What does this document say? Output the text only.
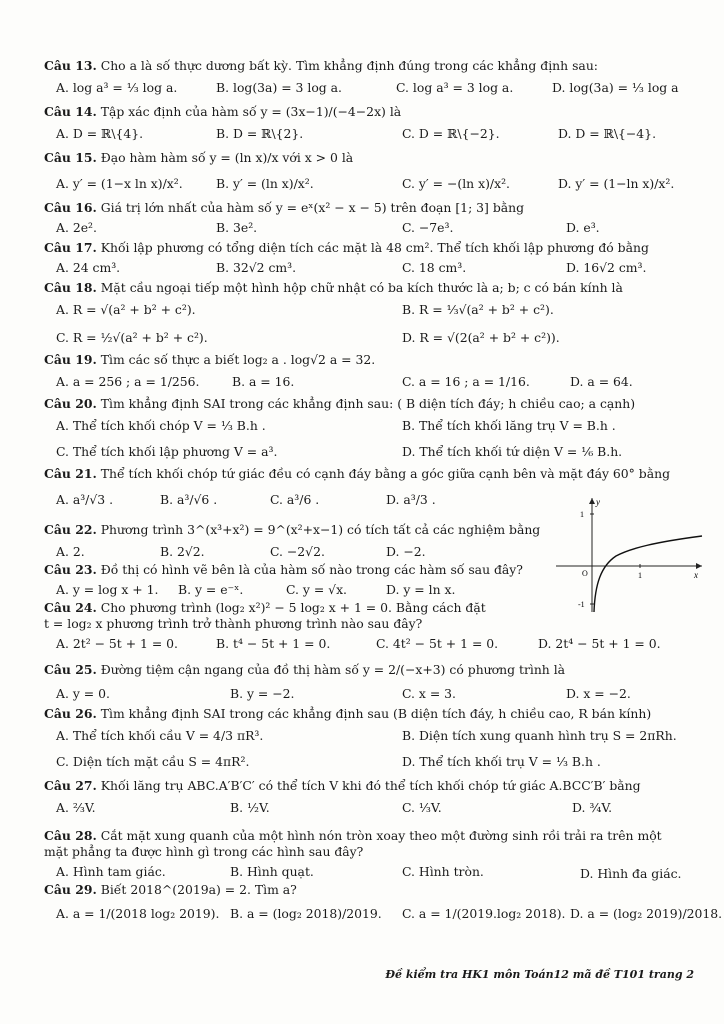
Câu 13. Cho a là số thực dương bất kỳ. Tìm khẳng định đúng trong các khẳng định sau:
A. log a³ = ⅓ log a.	B. log(3a) = 3 log a.	C. log a³ = 3 log a.	D. log(3a) = ⅓ log a
Câu 14. Tập xác định của hàm số y = (3x−1)/(−4−2x) là
A. D = ℝ\{4}.	B. D = ℝ\{2}.	C. D = ℝ\{−2}.	D. D = ℝ\{−4}.
Câu 15. Đạo hàm hàm số y = (ln x)/x với x > 0 là
A. y′ = (1−x ln x)/x².	B. y′ = (ln x)/x².	C. y′ = −(ln x)/x².	D. y′ = (1−ln x)/x².
Câu 16. Giá trị lớn nhất của hàm số y = eˣ(x² − x − 5) trên đoạn [1; 3] bằng
A. 2e².	B. 3e².	C. −7e³.	D. e³.
Câu 17. Khối lập phương có tổng diện tích các mặt là 48 cm². Thể tích khối lập phương đó bằng
A. 24 cm³.	B. 32√2 cm³.	C. 18 cm³.	D. 16√2 cm³.
Câu 18. Mặt cầu ngoại tiếp một hình hộp chữ nhật có ba kích thước là a; b; c có bán kính là
A. R = √(a² + b² + c²).	B. R = ⅓√(a² + b² + c²).
C. R = ½√(a² + b² + c²).	D. R = √(2(a² + b² + c²)).
Câu 19. Tìm các số thực a biết log₂ a . log√2 a = 32.
A. a = 256 ; a = 1/256.	B. a = 16.	C. a = 16 ; a = 1/16.	D. a = 64.
Câu 20. Tìm khẳng định SAI trong các khẳng định sau: ( B diện tích đáy; h chiều cao; a cạnh)
A. Thể tích khối chóp V = ⅓ B.h .	B. Thể tích khối lăng trụ V = B.h .
C. Thể tích khối lập phương V = a³.	D. Thể tích khối tứ diện V = ⅙ B.h.
Câu 21. Thể tích khối chóp tứ giác đều có cạnh đáy bằng a góc giữa cạnh bên và mặt đáy 60° bằng
A. a³/√3 .	B. a³/√6 .	C. a³/6 .	D. a³/3 .
Câu 22. Phương trình 3^(x³+x²) = 9^(x²+x−1) có tích tất cả các nghiệm bằng
A. 2.	B. 2√2.	C. −2√2.	D. −2.
Câu 23. Đồ thị có hình vẽ bên là của hàm số nào trong các hàm số sau đây?
A. y = log x + 1. B. y = e⁻ˣ.	C. y = √x.	D. y = ln x.
Câu 24. Cho phương trình (log₂ x²)² − 5 log₂ x + 1 = 0. Bằng cách đặt
t = log₂ x phương trình trở thành phương trình nào sau đây?
A. 2t² − 5t + 1 = 0.	B. t⁴ − 5t + 1 = 0.	C. 4t² − 5t + 1 = 0.	D. 2t⁴ − 5t + 1 = 0.
Câu 25. Đường tiệm cận ngang của đồ thị hàm số y = 2/(−x+3) có phương trình là
A. y = 0.	B. y = −2.	C. x = 3.	D. x = −2.
Câu 26. Tìm khẳng định SAI trong các khẳng định sau (B diện tích đáy, h chiều cao, R bán kính)
A. Thể tích khối cầu V = 4/3 πR³.	B. Diện tích xung quanh hình trụ S = 2πRh.
C. Diện tích mặt cầu S = 4πR².	D. Thể tích khối trụ V = ⅓ B.h .
Câu 27. Khối lăng trụ ABC.A′B′C′ có thể tích V khi đó thể tích khối chóp tứ giác A.BCC′B′ bằng
A. ⅔V.	B. ½V.	C. ⅓V.	D. ¾V.
Câu 28. Cắt mặt xung quanh của một hình nón tròn xoay theo một đường sinh rồi trải ra trên một
mặt phẳng ta được hình gì trong các hình sau đây?
A. Hình tam giác.	B. Hình quạt.	C. Hình tròn.	D. Hình đa giác.
Câu 29. Biết 2018^(2019a) = 2. Tìm a?
A. a = 1/(2018 log₂ 2019). B. a = (log₂ 2018)/2019. C. a = 1/(2019.log₂ 2018). D. a = (log₂ 2019)/2018.
y
x
O
1
-1
1
Đề kiểm tra HK1 môn Toán12 mã đề T101 trang 2
